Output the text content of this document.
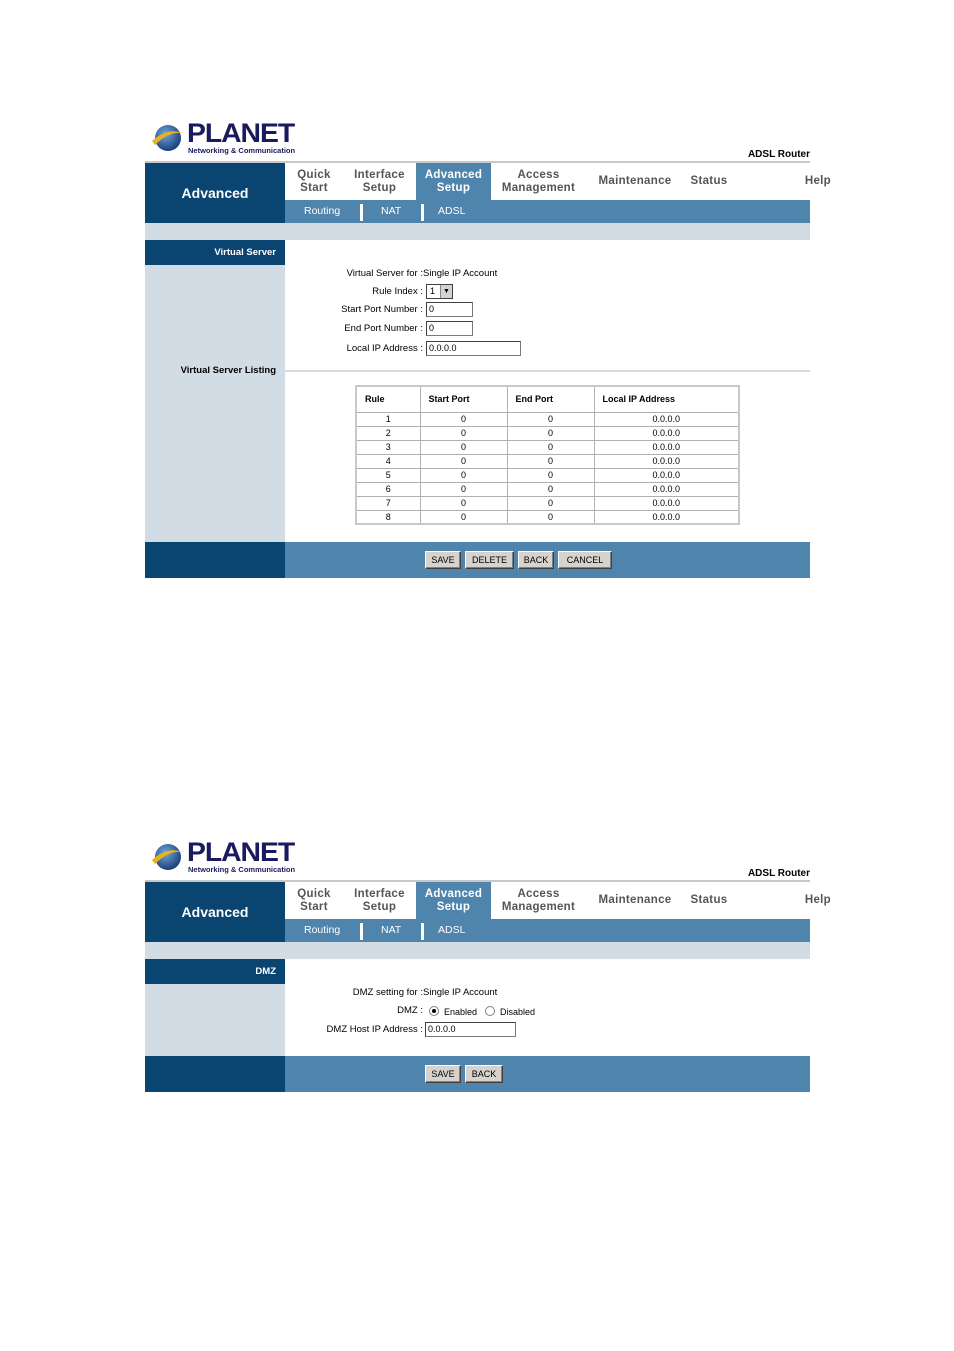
PLANET
Networking & Communication	ADSL Router
Advanced
Quick
Start
Interface
Setup
Advanced
Setup
Access
Management
Maintenance	Status	Help
Routing	NAT	ADSL
Virtual Server
Virtual Server Listing
Virtual Server for : Single IP Account
Rule Index : 1	▼
Start Port Number : 0
End Port Number : 0
Local IP Address : 0.0.0.0
Rule	Start Port	End Port	Local IP Address
1	0	0	0.0.0.0
2	0	0	0.0.0.0
3	0	0	0.0.0.0
4	0	0	0.0.0.0
5	0	0	0.0.0.0
6	0	0	0.0.0.0
7	0	0	0.0.0.0
8	0	0	0.0.0.0
SAVE	DELETE	BACK	CANCEL
PLANET
Networking & Communication	ADSL Router
Advanced
Quick
Start
Interface
Setup
Advanced
Setup
Access
Management
Maintenance	Status	Help
Routing	NAT	ADSL
DMZ
DMZ setting for : Single IP Account
DMZ : Enabled	Disabled
DMZ Host IP Address : 0.0.0.0
SAVE	BACK
